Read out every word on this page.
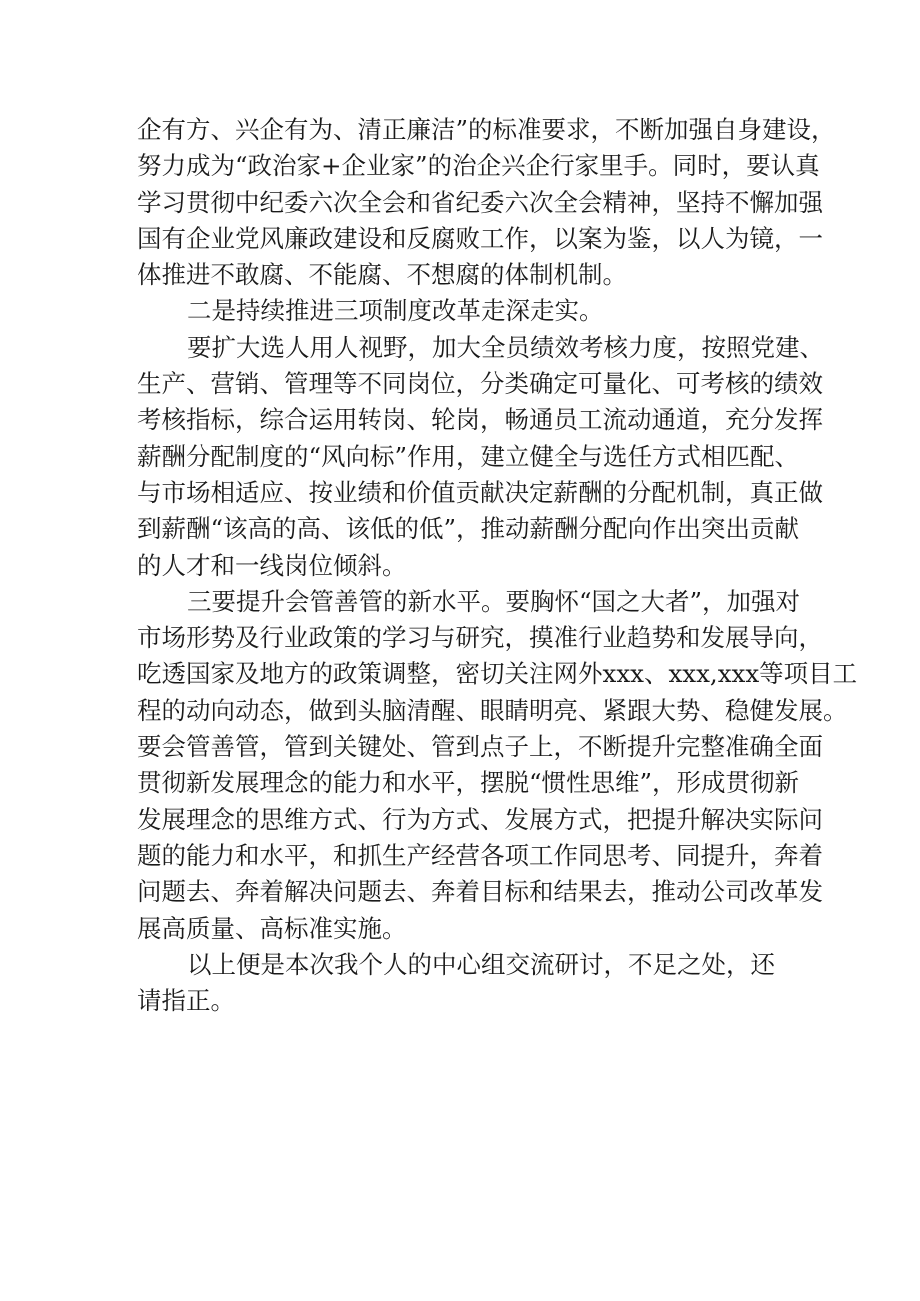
企有方、兴企有为、清正廉洁”的标准要求，不断加强自身建设，
努力成为“政治家+企业家”的治企兴企行家里手。同时，要认真
学习贯彻中纪委六次全会和省纪委六次全会精神，坚持不懈加强
国有企业党风廉政建设和反腐败工作，以案为鉴，以人为镜，一
体推进不敢腐、不能腐、不想腐的体制机制。
二是持续推进三项制度改革走深走实。
要扩大选人用人视野，加大全员绩效考核力度，按照党建、
生产、营销、管理等不同岗位，分类确定可量化、可考核的绩效
考核指标，综合运用转岗、轮岗，畅通员工流动通道，充分发挥
薪酬分配制度的“风向标”作用，建立健全与选任方式相匹配、
与市场相适应、按业绩和价值贡献决定薪酬的分配机制，真正做
到薪酬“该高的高、该低的低”，推动薪酬分配向作出突出贡献
的人才和一线岗位倾斜。
三要提升会管善管的新水平。要胸怀“国之大者”，加强对
市场形势及行业政策的学习与研究，摸准行业趋势和发展导向，
吃透国家及地方的政策调整，密切关注网外xxx、xxx,xxx等项目工
程的动向动态，做到头脑清醒、眼睛明亮、紧跟大势、稳健发展。
要会管善管，管到关键处、管到点子上，不断提升完整准确全面
贯彻新发展理念的能力和水平，摆脱“惯性思维”，形成贯彻新
发展理念的思维方式、行为方式、发展方式，把提升解决实际问
题的能力和水平，和抓生产经营各项工作同思考、同提升，奔着
问题去、奔着解决问题去、奔着目标和结果去，推动公司改革发
展高质量、高标准实施。
以上便是本次我个人的中心组交流研讨，不足之处，还
请指正。
